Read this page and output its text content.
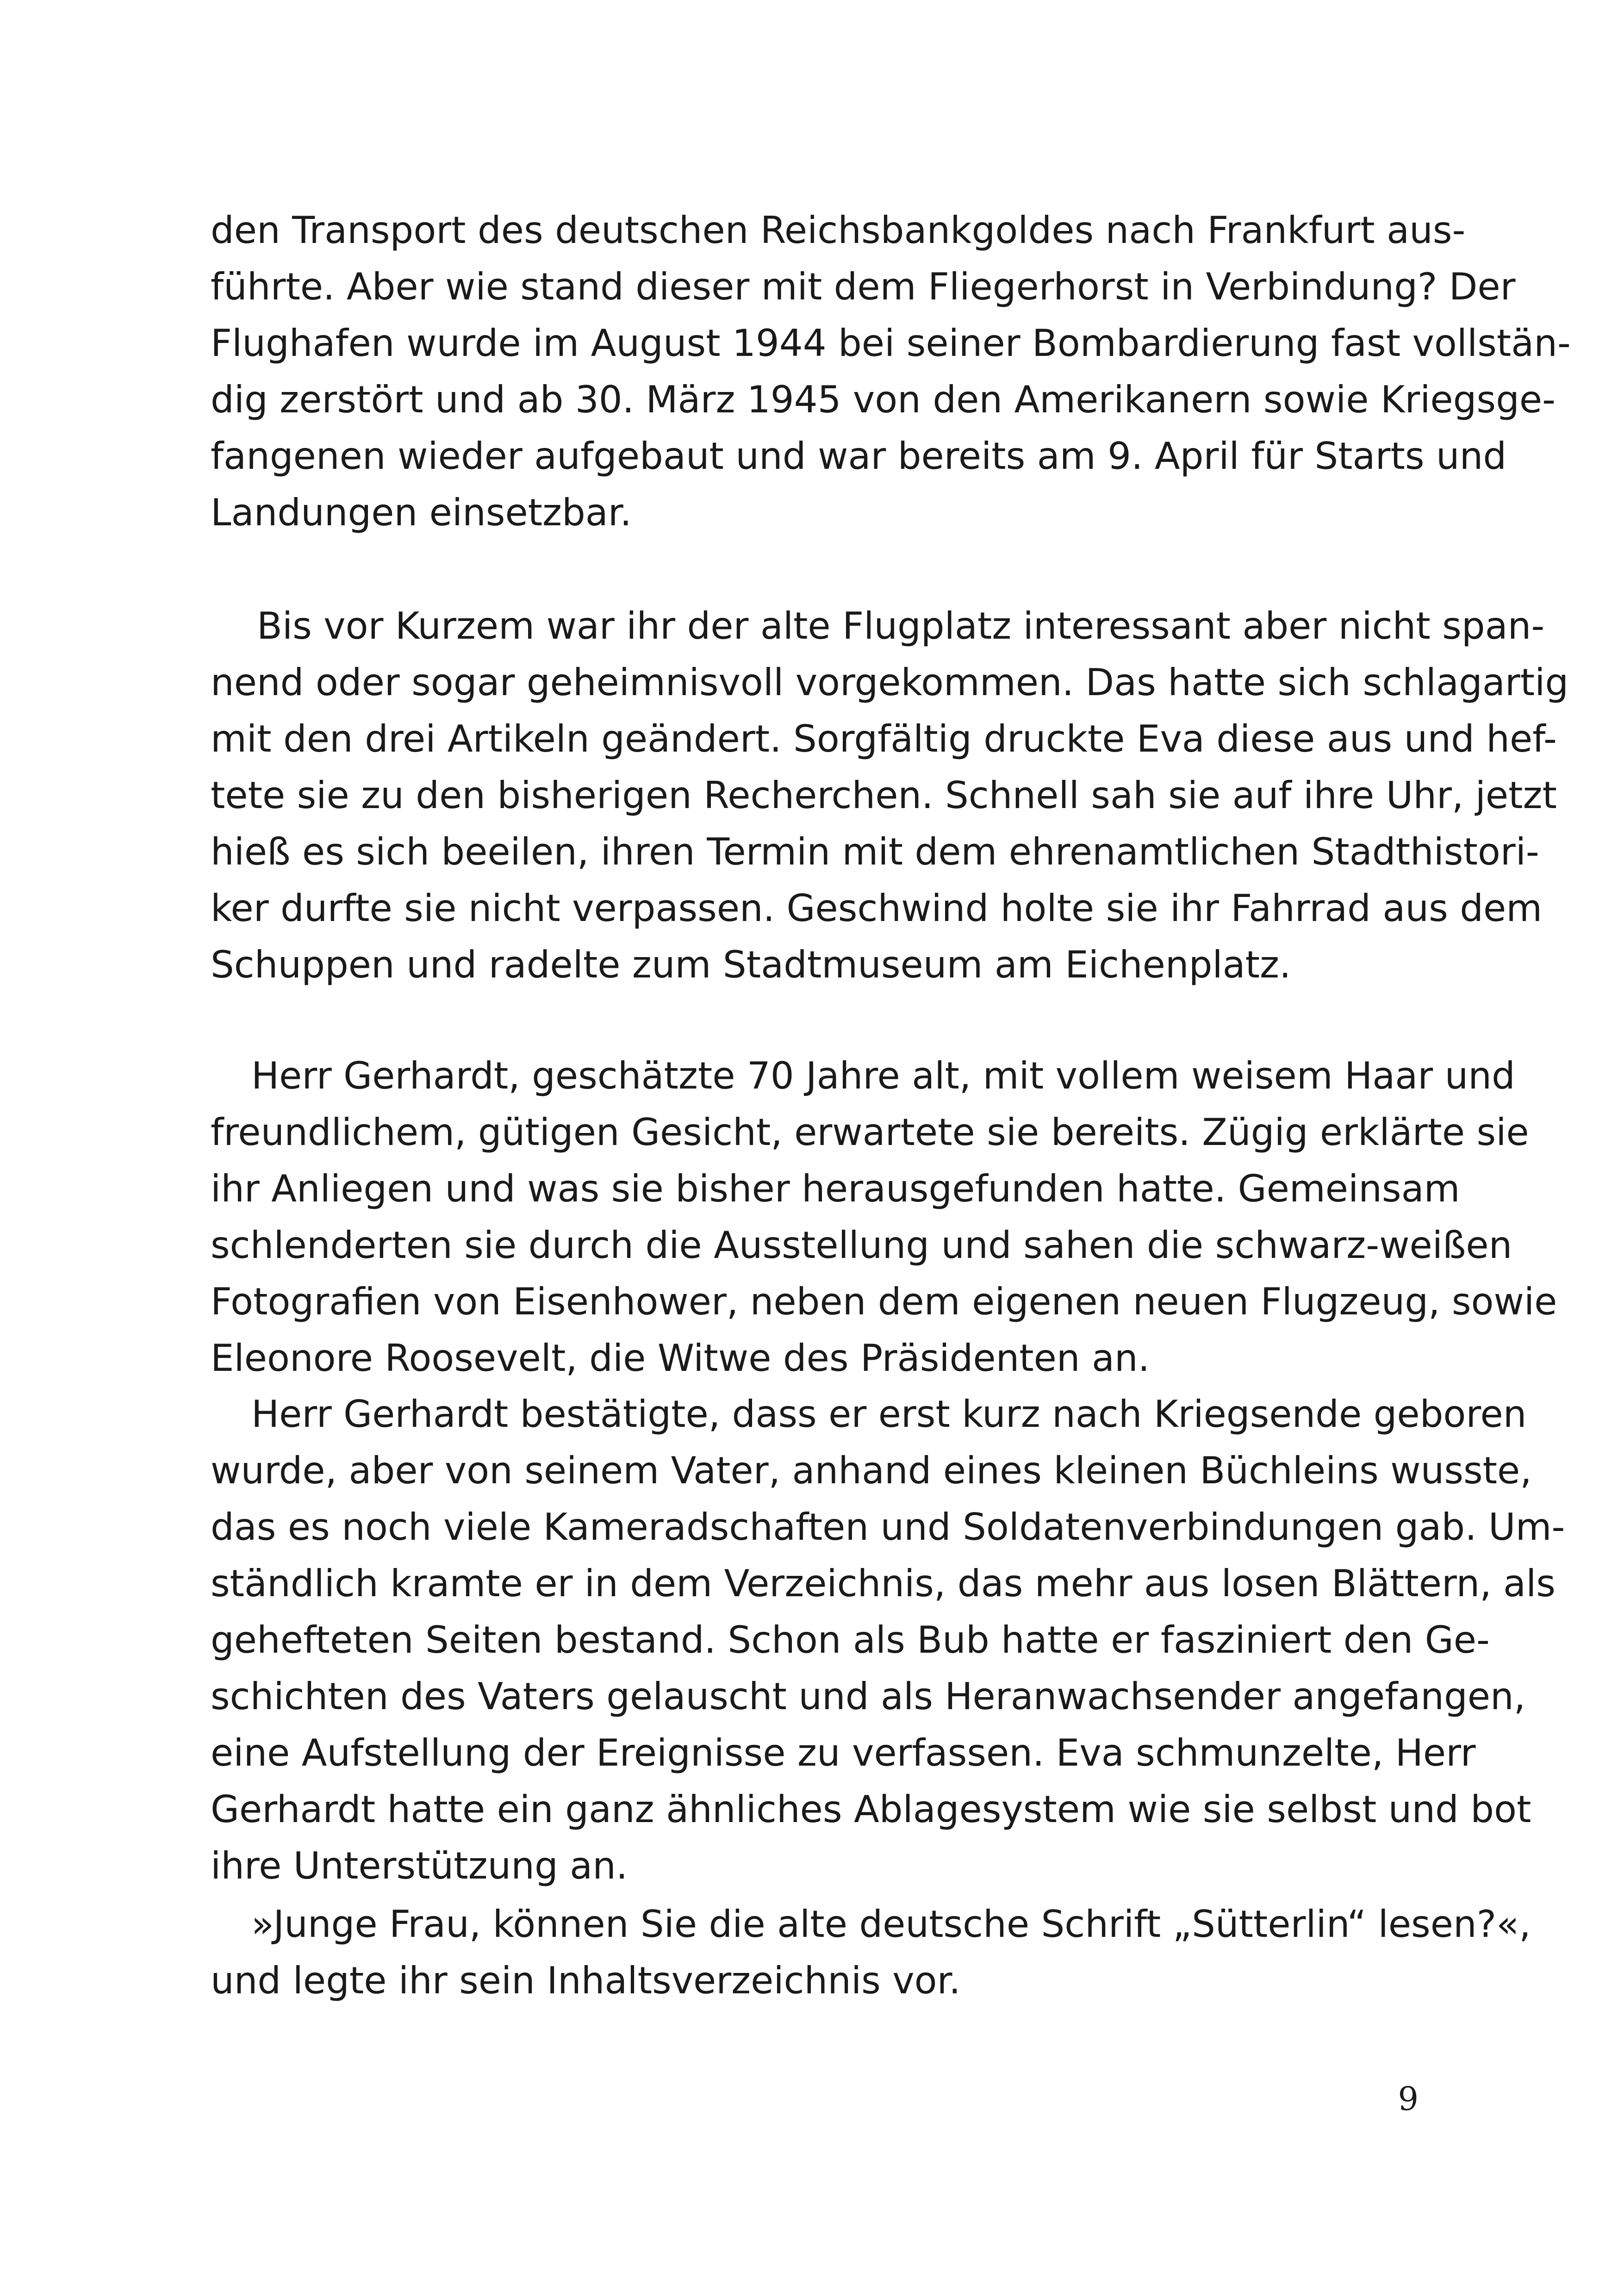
den Transport des deutschen Reichsbankgoldes nach Frankfurt aus-
führte. Aber wie stand dieser mit dem Fliegerhorst in Verbindung? Der
Flughafen wurde im August 1944 bei seiner Bombardierung fast vollstän-
dig zerstört und ab 30. März 1945 von den Amerikanern sowie Kriegsge-
fangenen wieder aufgebaut und war bereits am 9. April für Starts und
Landungen einsetzbar.
Bis vor Kurzem war ihr der alte Flugplatz interessant aber nicht span-
nend oder sogar geheimnisvoll vorgekommen. Das hatte sich schlagartig
mit den drei Artikeln geändert. Sorgfältig druckte Eva diese aus und hef-
tete sie zu den bisherigen Recherchen. Schnell sah sie auf ihre Uhr, jetzt
hieß es sich beeilen, ihren Termin mit dem ehrenamtlichen Stadthistori-
ker durfte sie nicht verpassen. Geschwind holte sie ihr Fahrrad aus dem
Schuppen und radelte zum Stadtmuseum am Eichenplatz.
Herr Gerhardt, geschätzte 70 Jahre alt, mit vollem weisem Haar und
freundlichem, gütigen Gesicht, erwartete sie bereits. Zügig erklärte sie
ihr Anliegen und was sie bisher herausgefunden hatte. Gemeinsam
schlenderten sie durch die Ausstellung und sahen die schwarz-weißen
Fotografien von Eisenhower, neben dem eigenen neuen Flugzeug, sowie
Eleonore Roosevelt, die Witwe des Präsidenten an.
Herr Gerhardt bestätigte, dass er erst kurz nach Kriegsende geboren
wurde, aber von seinem Vater, anhand eines kleinen Büchleins wusste,
das es noch viele Kameradschaften und Soldatenverbindungen gab. Um-
ständlich kramte er in dem Verzeichnis, das mehr aus losen Blättern, als
gehefteten Seiten bestand. Schon als Bub hatte er fasziniert den Ge-
schichten des Vaters gelauscht und als Heranwachsender angefangen,
eine Aufstellung der Ereignisse zu verfassen. Eva schmunzelte, Herr
Gerhardt hatte ein ganz ähnliches Ablagesystem wie sie selbst und bot
ihre Unterstützung an.
»Junge Frau, können Sie die alte deutsche Schrift „Sütterlin“ lesen?«,
und legte ihr sein Inhaltsverzeichnis vor.
9
